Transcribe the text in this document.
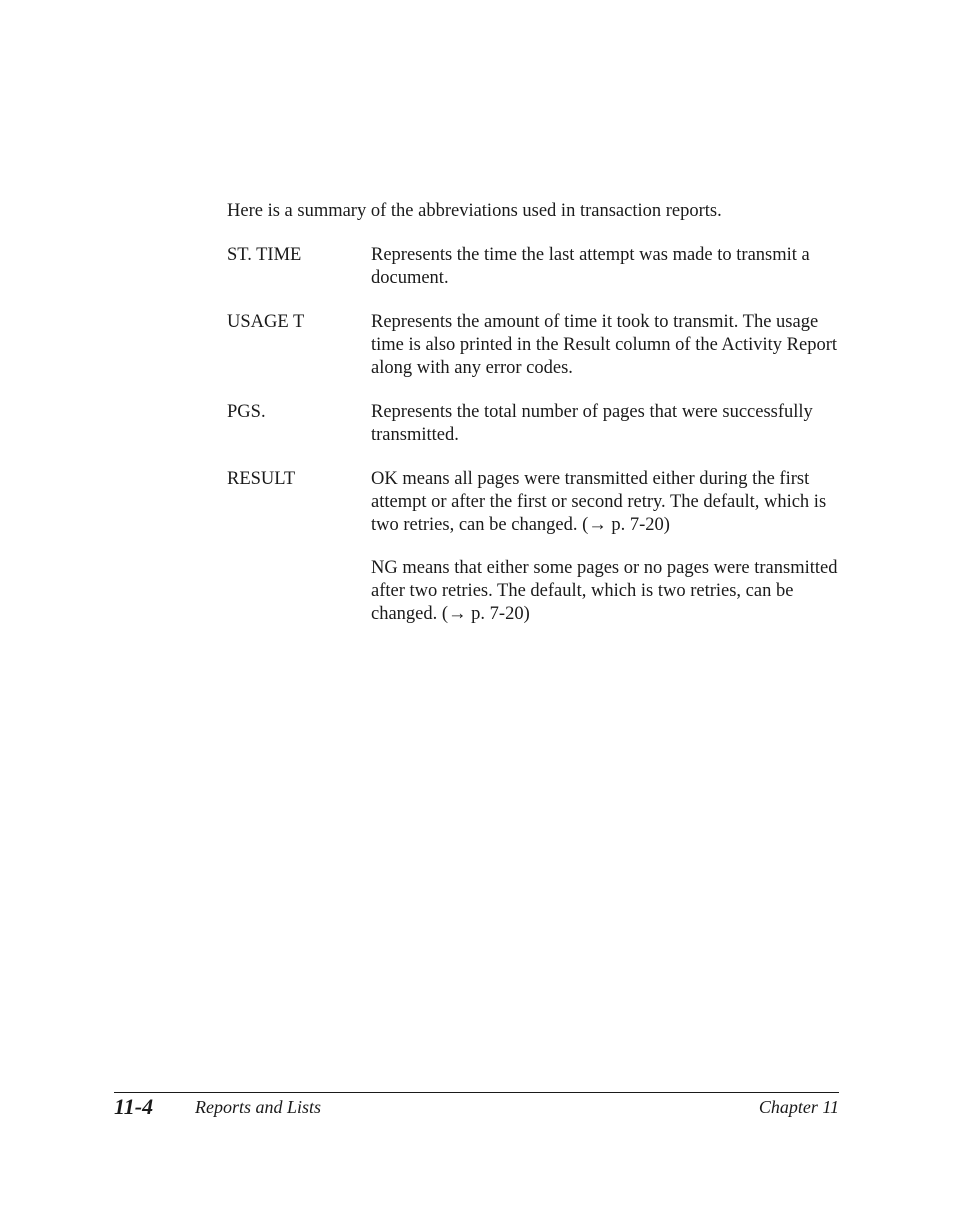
Here is a summary of the abbreviations used in transaction reports.

ST. TIME	Represents the time the last attempt was made to transmit a document.

USAGE T	Represents the amount of time it took to transmit. The usage time is also printed in the Result column of the Activity Report along with any error codes.

PGS.	Represents the total number of pages that were successfully transmitted.

RESULT	OK means all pages were transmitted either during the first attempt or after the first or second retry. The default, which is two retries, can be changed. (→ p. 7-20)

NG means that either some pages or no pages were transmitted after two retries. The default, which is two retries, can be changed. (→ p. 7-20)

11-4 Reports and Lists	Chapter 11
